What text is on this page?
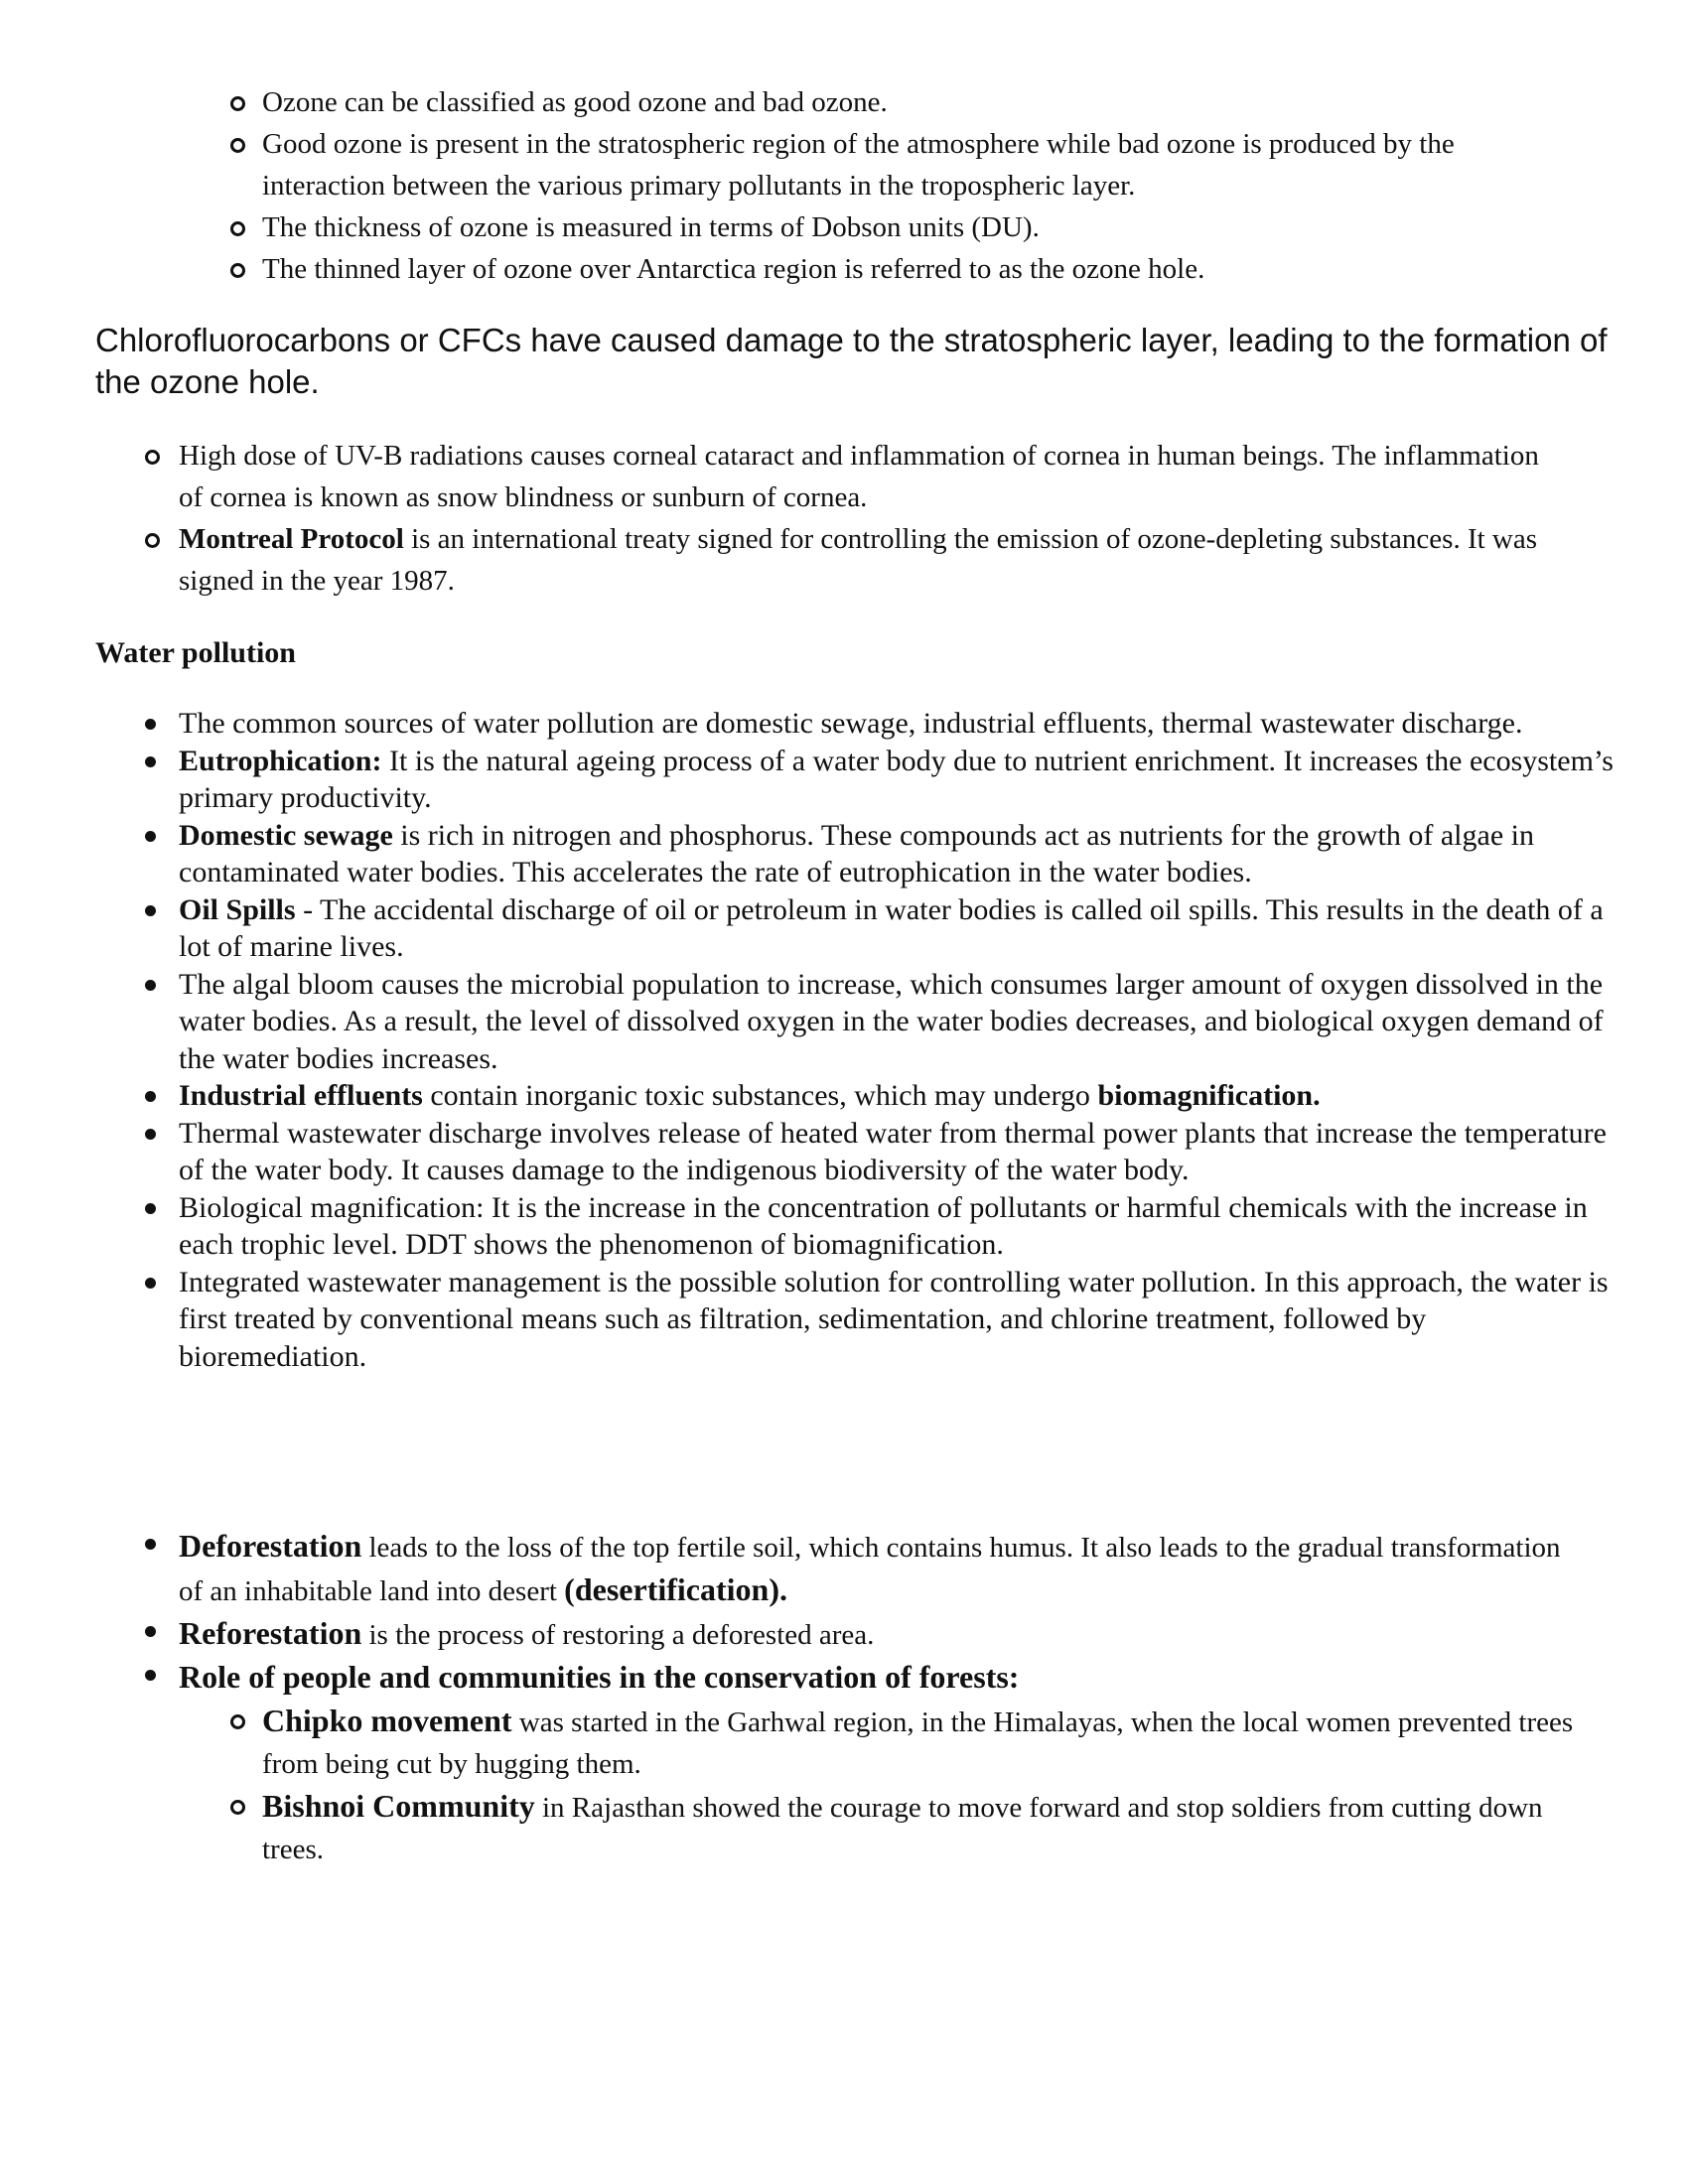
Ozone can be classified as good ozone and bad ozone.
Good ozone is present in the stratospheric region of the atmosphere while bad ozone is produced by the interaction between the various primary pollutants in the tropospheric layer.
The thickness of ozone is measured in terms of Dobson units (DU).
The thinned layer of ozone over Antarctica region is referred to as the ozone hole.

Chlorofluorocarbons or CFCs have caused damage to the stratospheric layer, leading to the formation of the ozone hole.

High dose of UV-B radiations causes corneal cataract and inflammation of cornea in human beings. The inflammation of cornea is known as snow blindness or sunburn of cornea.
Montreal Protocol is an international treaty signed for controlling the emission of ozone-depleting substances. It was signed in the year 1987.
Water pollution
The common sources of water pollution are domestic sewage, industrial effluents, thermal wastewater discharge.
Eutrophication: It is the natural ageing process of a water body due to nutrient enrichment. It increases the ecosystem’s primary productivity.
Domestic sewage is rich in nitrogen and phosphorus. These compounds act as nutrients for the growth of algae in contaminated water bodies. This accelerates the rate of eutrophication in the water bodies.
Oil Spills - The accidental discharge of oil or petroleum in water bodies is called oil spills. This results in the death of a lot of marine lives.
The algal bloom causes the microbial population to increase, which consumes larger amount of oxygen dissolved in the water bodies. As a result, the level of dissolved oxygen in the water bodies decreases, and biological oxygen demand of the water bodies increases.
Industrial effluents contain inorganic toxic substances, which may undergo biomagnification.
Thermal wastewater discharge involves release of heated water from thermal power plants that increase the temperature of the water body. It causes damage to the indigenous biodiversity of the water body.
Biological magnification: It is the increase in the concentration of pollutants or harmful chemicals with the increase in each trophic level. DDT shows the phenomenon of biomagnification.
Integrated wastewater management is the possible solution for controlling water pollution. In this approach, the water is first treated by conventional means such as filtration, sedimentation, and chlorine treatment, followed by bioremediation.
Deforestation leads to the loss of the top fertile soil, which contains humus. It also leads to the gradual transformation of an inhabitable land into desert (desertification).
Reforestation is the process of restoring a deforested area.
Role of people and communities in the conservation of forests:
Chipko movement was started in the Garhwal region, in the Himalayas, when the local women prevented trees from being cut by hugging them.
Bishnoi Community in Rajasthan showed the courage to move forward and stop soldiers from cutting down trees.
